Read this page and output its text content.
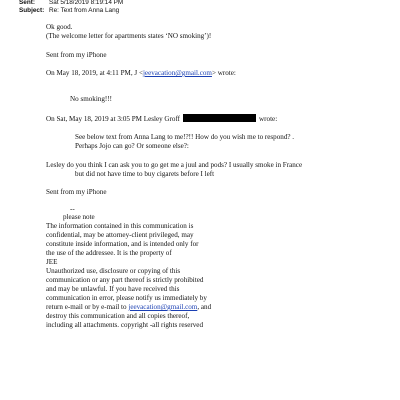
Sent: Sat 5/18/2019 8:19:14 PM
Subject: Re: Text from Anna Lang
Ok good.
(The welcome letter for apartments states ‘NO smoking’)!
Sent from my iPhone
On May 18, 2019, at 4:11 PM, J <jeevacation@gmail.com> wrote:
No smoking!!!
On Sat, May 18, 2019 at 3:05 PM Lesley Groff	wrote:
See below text from Anna Lang to me!?!! How do you wish me to respond? .
Perhaps Jojo can go? Or someone else?:
Lesley do you think I can ask you to go get me a juul and pods? I usually smoke in France
but did not have time to buy cigarets before I left
Sent from my iPhone
--
please note
The information contained in this communication is
confidential, may be attorney-client privileged, may
constitute inside information, and is intended only for
the use of the addressee. It is the property of
JEE
Unauthorized use, disclosure or copying of this
communication or any part thereof is strictly prohibited
and may be unlawful. If you have received this
communication in error, please notify us immediately by
return e-mail or by e-mail to jeevacation@gmail.com, and
destroy this communication and all copies thereof,
including all attachments. copyright -all rights reserved
